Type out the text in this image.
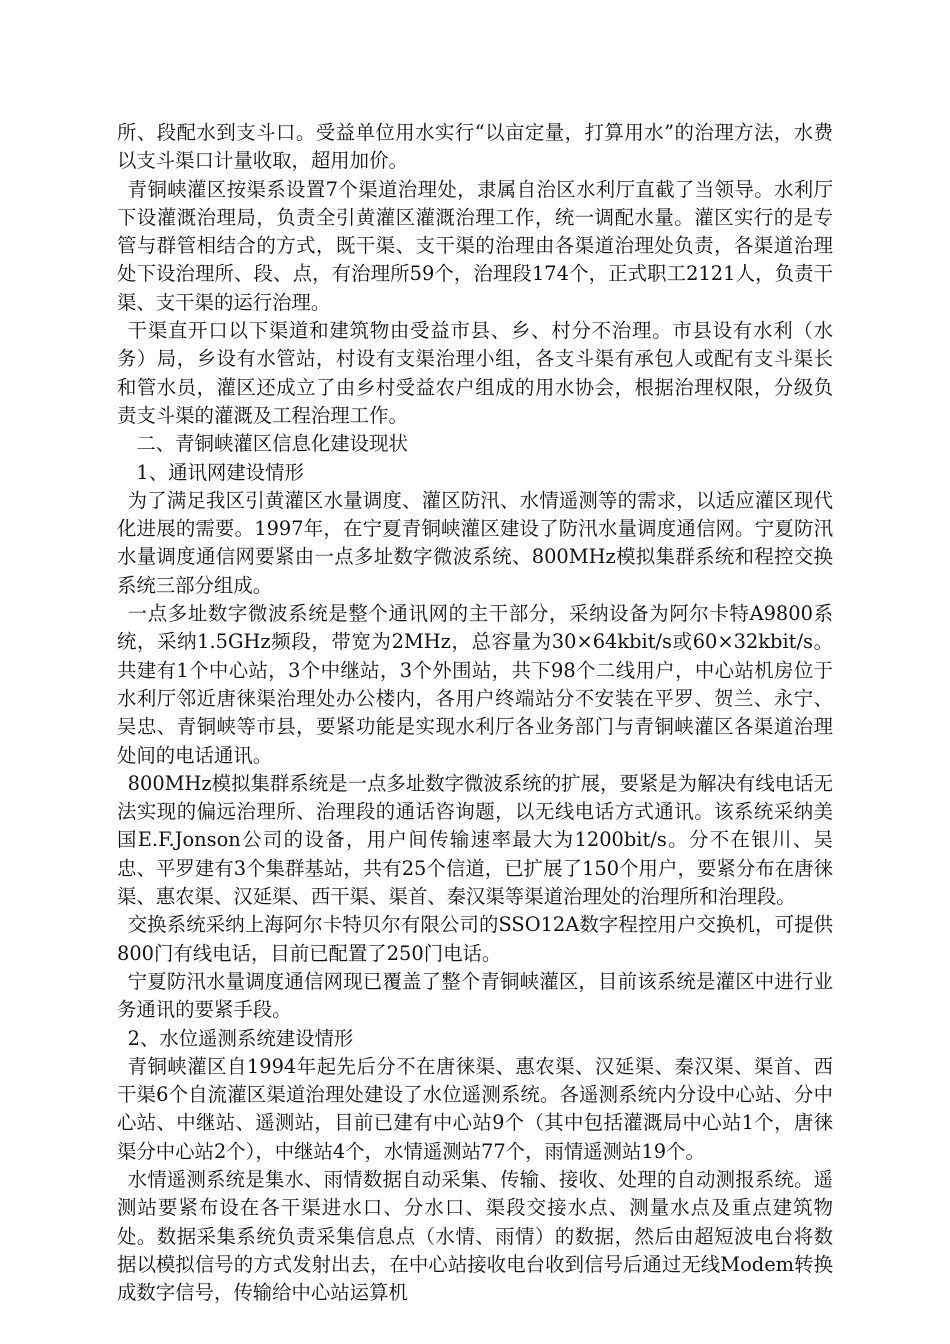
所、段配水到支斗口。受益单位用水实行“以亩定量，打算用水”的治理方法，水费以支斗渠口计量收取，超用加价。

青铜峡灌区按渠系设置7个渠道治理处，隶属自治区水利厅直截了当领导。水利厅下设灌溉治理局，负责全引黄灌区灌溉治理工作，统一调配水量。灌区实行的是专管与群管相结合的方式，既干渠、支干渠的治理由各渠道治理处负责，各渠道治理处下设治理所、段、点，有治理所59个，治理段174个，正式职工2121人，负责干渠、支干渠的运行治理。

干渠直开口以下渠道和建筑物由受益市县、乡、村分不治理。市县设有水利（水务）局，乡设有水管站，村设有支渠治理小组，各支斗渠有承包人或配有支斗渠长和管水员，灌区还成立了由乡村受益农户组成的用水协会，根据治理权限，分级负责支斗渠的灌溉及工程治理工作。

二、青铜峡灌区信息化建设现状

1、通讯网建设情形

为了满足我区引黄灌区水量调度、灌区防汛、水情遥测等的需求，以适应灌区现代化进展的需要。1997年，在宁夏青铜峡灌区建设了防汛水量调度通信网。宁夏防汛水量调度通信网要紧由一点多址数字微波系统、800MHz模拟集群系统和程控交换系统三部分组成。

一点多址数字微波系统是整个通讯网的主干部分，采纳设备为阿尔卡特A9800系统，采纳1.5GHz频段，带宽为2MHz，总容量为30×64kbit/s或60×32kbit/s。共建有1个中心站，3个中继站，3个外围站，共下98个二线用户，中心站机房位于水利厅邻近唐徕渠治理处办公楼内，各用户终端站分不安装在平罗、贺兰、永宁、吴忠、青铜峡等市县，要紧功能是实现水利厅各业务部门与青铜峡灌区各渠道治理处间的电话通讯。

800MHz模拟集群系统是一点多址数字微波系统的扩展，要紧是为解决有线电话无法实现的偏远治理所、治理段的通话咨询题，以无线电话方式通讯。该系统采纳美国E.F.Jonson公司的设备，用户间传输速率最大为1200bit/s。分不在银川、吴忠、平罗建有3个集群基站，共有25个信道，已扩展了150个用户，要紧分布在唐徕渠、惠农渠、汉延渠、西干渠、渠首、秦汉渠等渠道治理处的治理所和治理段。

交换系统采纳上海阿尔卡特贝尔有限公司的SSO12A数字程控用户交换机，可提供800门有线电话，目前已配置了250门电话。

宁夏防汛水量调度通信网现已覆盖了整个青铜峡灌区，目前该系统是灌区中进行业务通讯的要紧手段。

2、水位遥测系统建设情形

青铜峡灌区自1994年起先后分不在唐徕渠、惠农渠、汉延渠、秦汉渠、渠首、西干渠6个自流灌区渠道治理处建设了水位遥测系统。各遥测系统内分设中心站、分中心站、中继站、遥测站，目前已建有中心站9个（其中包括灌溉局中心站1个，唐徕渠分中心站2个），中继站4个，水情遥测站77个，雨情遥测站19个。

水情遥测系统是集水、雨情数据自动采集、传输、接收、处理的自动测报系统。遥测站要紧布设在各干渠进水口、分水口、渠段交接水点、测量水点及重点建筑物处。数据采集系统负责采集信息点（水情、雨情）的数据，然后由超短波电台将数据以模拟信号的方式发射出去，在中心站接收电台收到信号后通过无线Modem转换成数字信号，传输给中心站运算机
